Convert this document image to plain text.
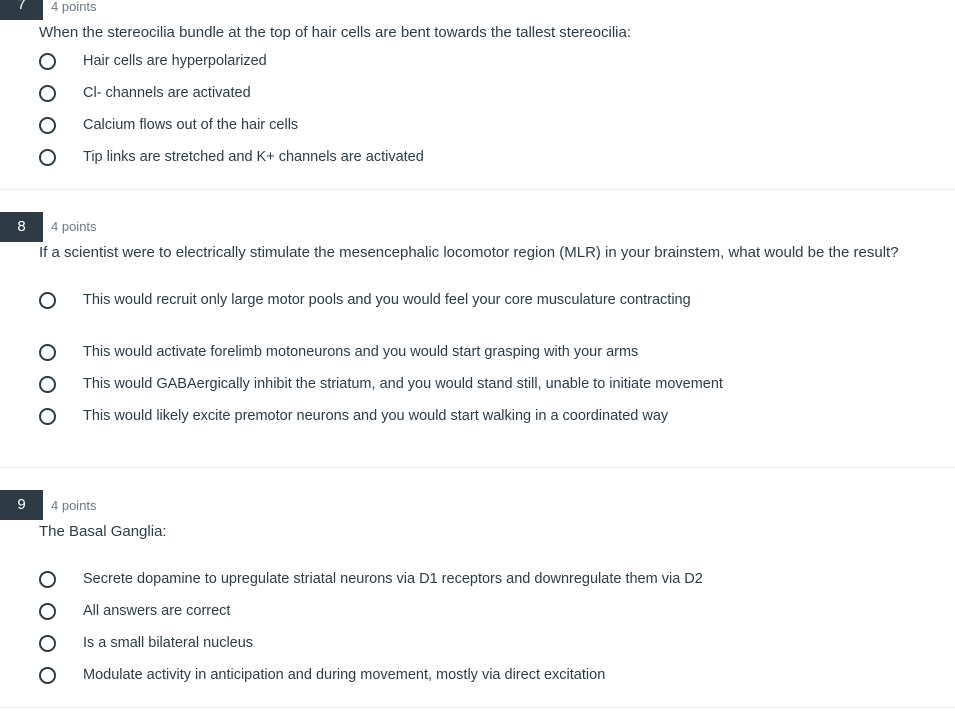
7	4 points
When the stereocilia bundle at the top of hair cells are bent towards the tallest stereocilia:
Hair cells are hyperpolarized
Cl- channels are activated
Calcium flows out of the hair cells
Tip links are stretched and K+ channels are activated
8	4 points
If a scientist were to electrically stimulate the mesencephalic locomotor region (MLR) in your brainstem, what would be the result?
This would recruit only large motor pools and you would feel your core musculature contracting
This would activate forelimb motoneurons and you would start grasping with your arms
This would GABAergically inhibit the striatum, and you would stand still, unable to initiate movement
This would likely excite premotor neurons and you would start walking in a coordinated way
9	4 points
The Basal Ganglia:
Secrete dopamine to upregulate striatal neurons via D1 receptors and downregulate them via D2
All answers are correct
Is a small bilateral nucleus
Modulate activity in anticipation and during movement, mostly via direct excitation
